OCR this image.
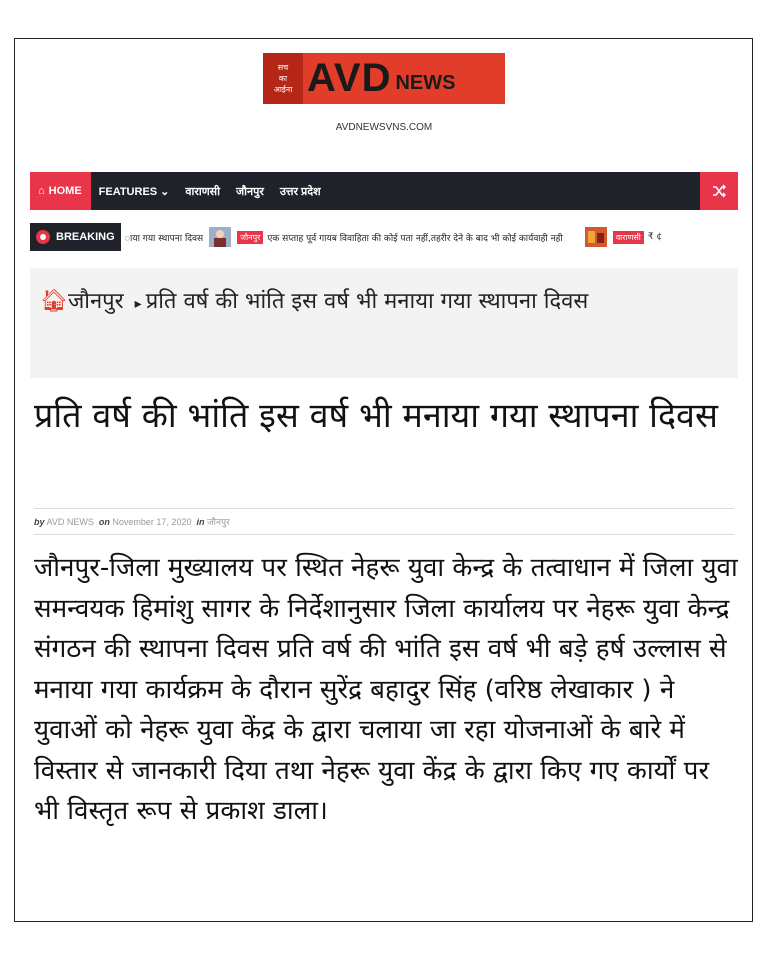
सच
का
आईना AVD NEWS
AVDNEWSVNS.COM
⌂ HOME	FEATURES ⌄	वाराणसी	जौनपुर	उत्तर प्रदेश
BREAKING ाया गया स्थापना दिवस	जौनपुर एक सप्ताह पूर्व गायब विवाहिता की कोई पता नहीं,तहरीर देने के बाद भी कोई कार्यवाही नही	वाराणसी ₹ ¢
🏠︎जौनपुर ▸ प्रति वर्ष की भांति इस वर्ष भी मनाया गया स्थापना दिवस
प्रति वर्ष की भांति इस वर्ष भी मनाया गया स्थापना दिवस
by AVD NEWS on November 17, 2020 in जौनपुर
जौनपुर-जिला मुख्यालय पर स्थित नेहरू युवा केन्द्र के तत्वाधान में जिला युवा समन्वयक हिमांशु सागर के निर्देशानुसार जिला कार्यालय पर नेहरू युवा केन्द्र संगठन की स्थापना दिवस प्रति वर्ष की भांति इस वर्ष भी बड़े हर्ष उल्लास से मनाया गया कार्यक्रम के दौरान सुरेंद्र बहादुर सिंह (वरिष्ठ लेखाकार ) ने युवाओं को नेहरू युवा केंद्र के द्वारा चलाया जा रहा योजनाओं के बारे में विस्तार से जानकारी दिया तथा नेहरू युवा केंद्र के द्वारा किए गए कार्यों पर भी विस्तृत रूप से प्रकाश डाला।
